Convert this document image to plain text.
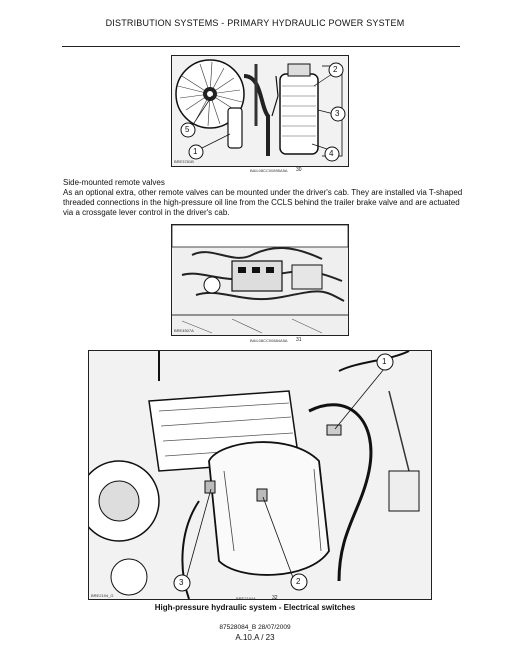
DISTRIBUTION SYSTEMS - PRIMARY HYDRAULIC POWER SYSTEM
2
3
4
5
1
BRE3781B
BAIL08CC00895A5A 30
Side-mounted remote valves
As an optional extra, other remote valves can be mounted under the driver's cab. They are installed via T-shaped threaded connections in the high-pressure oil line from the CCLS behind the trailer brake valve and are actuated via a crossgate lever control in the driver's cab.
BRE4507A
BAIL08CC00884A5A 31
1
2
3
BRE2194_G
BRE2194A	32
High-pressure hydraulic system - Electrical switches
87528084_B 28/07/2009
A.10.A / 23
